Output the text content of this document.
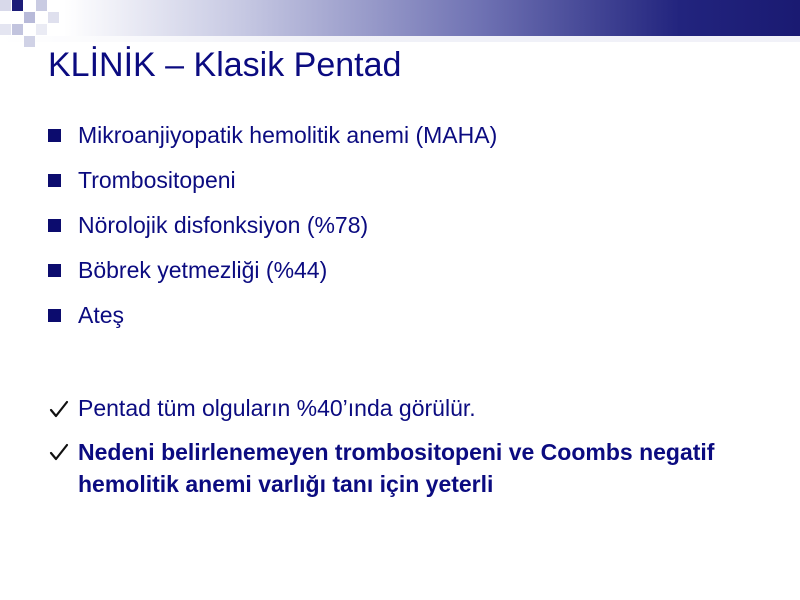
KLİNİK – Klasik Pentad
Mikroanjiyopatik hemolitik anemi (MAHA)
Trombositopeni
Nörolojik disfonksiyon (%78)
Böbrek yetmezliği (%44)
Ateş
Pentad tüm olguların %40’ında görülür.
Nedeni belirlenemeyen trombositopeni ve Coombs negatif hemolitik anemi varlığı tanı için yeterli
